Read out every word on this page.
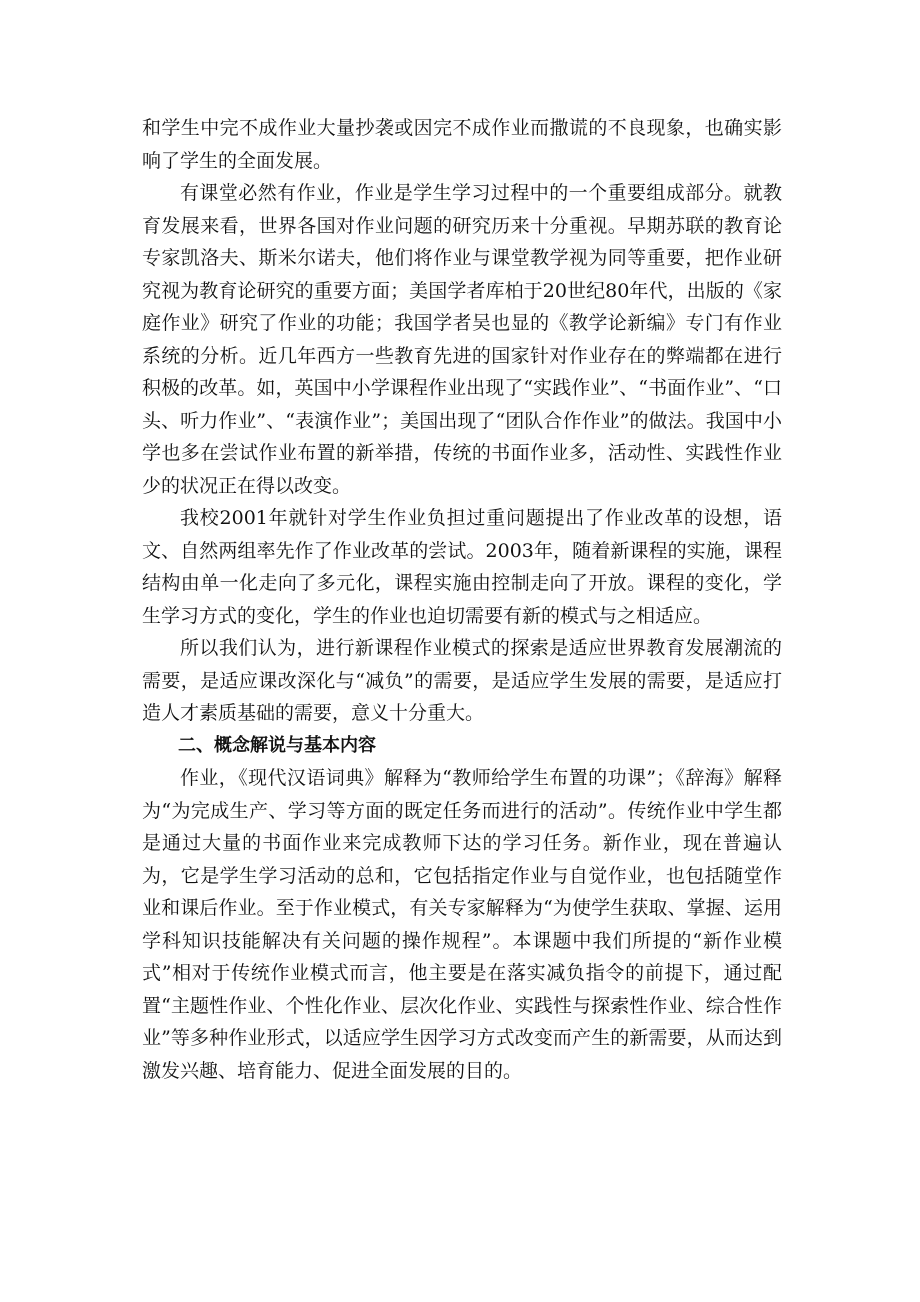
和学生中完不成作业大量抄袭或因完不成作业而撒谎的不良现象，也确实影响了学生的全面发展。

有课堂必然有作业，作业是学生学习过程中的一个重要组成部分。就教育发展来看，世界各国对作业问题的研究历来十分重视。早期苏联的教育论专家凯洛夫、斯米尔诺夫，他们将作业与课堂教学视为同等重要，把作业研究视为教育论研究的重要方面；美国学者库柏于20世纪80年代，出版的《家庭作业》研究了作业的功能；我国学者吴也显的《教学论新编》专门有作业系统的分析。近几年西方一些教育先进的国家针对作业存在的弊端都在进行积极的改革。如，英国中小学课程作业出现了“实践作业”、“书面作业”、“口头、听力作业”、“表演作业”；美国出现了“团队合作作业”的做法。我国中小学也多在尝试作业布置的新举措，传统的书面作业多，活动性、实践性作业少的状况正在得以改变。

我校2001年就针对学生作业负担过重问题提出了作业改革的设想，语文、自然两组率先作了作业改革的尝试。2003年，随着新课程的实施，课程结构由单一化走向了多元化，课程实施由控制走向了开放。课程的变化，学生学习方式的变化，学生的作业也迫切需要有新的模式与之相适应。

所以我们认为，进行新课程作业模式的探索是适应世界教育发展潮流的需要，是适应课改深化与“减负”的需要，是适应学生发展的需要，是适应打造人才素质基础的需要，意义十分重大。

二、概念解说与基本内容

作业，《现代汉语词典》解释为“教师给学生布置的功课”；《辞海》解释为“为完成生产、学习等方面的既定任务而进行的活动”。传统作业中学生都是通过大量的书面作业来完成教师下达的学习任务。新作业，现在普遍认为，它是学生学习活动的总和，它包括指定作业与自觉作业，也包括随堂作业和课后作业。至于作业模式，有关专家解释为“为使学生获取、掌握、运用学科知识技能解决有关问题的操作规程”。本课题中我们所提的“新作业模式”相对于传统作业模式而言，他主要是在落实减负指令的前提下，通过配置“主题性作业、个性化作业、层次化作业、实践性与探索性作业、综合性作业”等多种作业形式，以适应学生因学习方式改变而产生的新需要，从而达到激发兴趣、培育能力、促进全面发展的目的。
